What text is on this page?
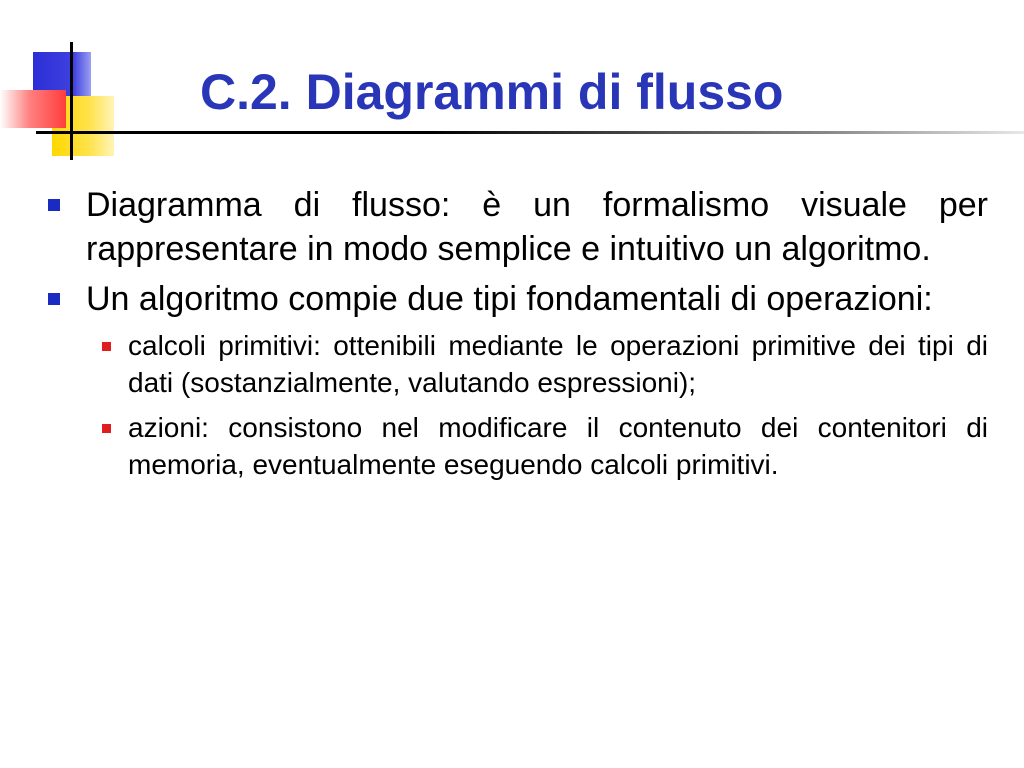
C.2. Diagrammi di flusso
Diagramma di flusso: è un formalismo visuale per rappresentare in modo semplice e intuitivo un algoritmo.
Un algoritmo compie due tipi fondamentali di operazioni:
calcoli primitivi: ottenibili mediante le operazioni primitive dei tipi di dati (sostanzialmente, valutando espressioni);
azioni: consistono nel modificare il contenuto dei contenitori di memoria, eventualmente eseguendo calcoli primitivi.
